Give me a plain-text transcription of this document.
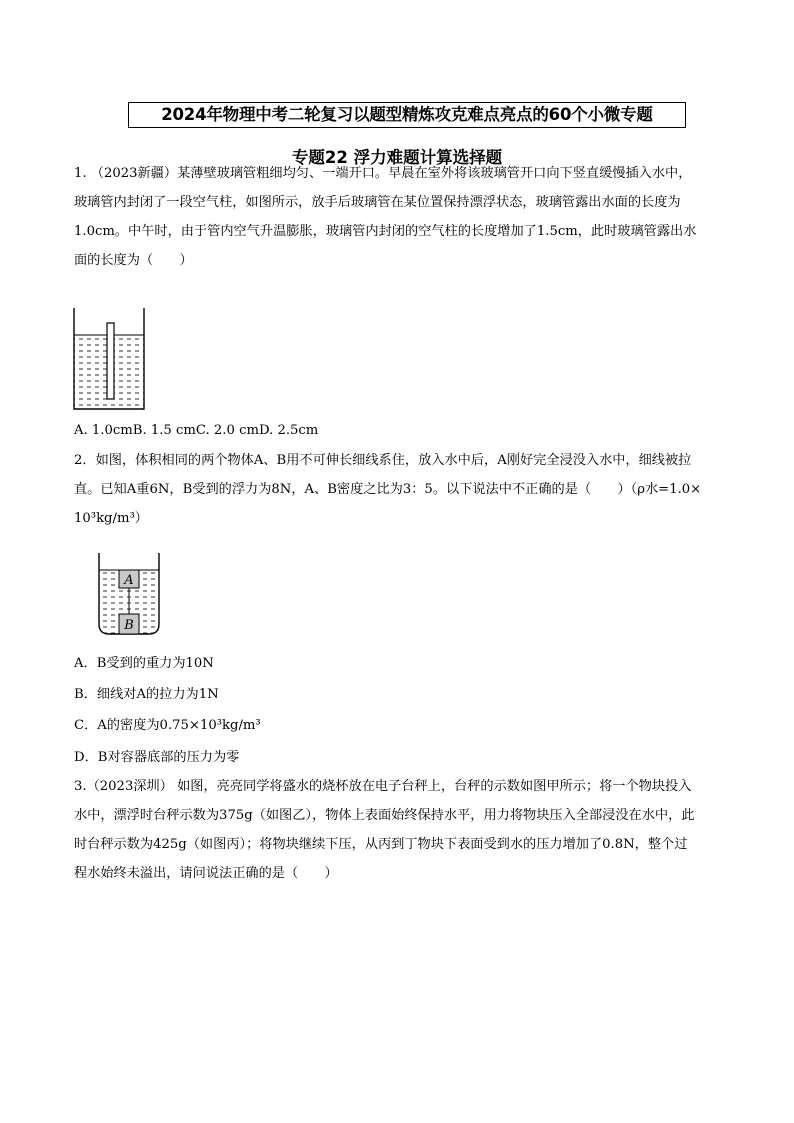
2024年物理中考二轮复习以题型精炼攻克难点亮点的60个小微专题
专题22 浮力难题计算选择题

1. （2023新疆）某薄壁玻璃管粗细均匀、一端开口。早晨在室外将该玻璃管开口向下竖直缓慢插入水中，

玻璃管内封闭了一段空气柱，如图所示，放手后玻璃管在某位置保持漂浮状态，玻璃管露出水面的长度为

1.0cm。中午时，由于管内空气升温膨胀，玻璃管内封闭的空气柱的长度增加了1.5cm，此时玻璃管露出水

面的长度为（　　）

A. 1.0cmB. 1.5 cmC. 2.0 cmD. 2.5cm

2．如图，体积相同的两个物体A、B用不可伸长细线系住，放入水中后，A刚好完全浸没入水中，细线被拉

直。已知A重6N，B受到的浮力为8N，A、B密度之比为3：5。以下说法中不正确的是（　　）（ρ水=1.0×

10³kg/m³）

A
B
A．B受到的重力为10N
B．细线对A的拉力为1N
C．A的密度为0.75×10³kg/m³
D．B对容器底部的压力为零

3.（2023深圳） 如图，亮亮同学将盛水的烧杯放在电子台秤上，台秤的示数如图甲所示；将一个物块投入

水中，漂浮时台秤示数为375g（如图乙），物体上表面始终保持水平，用力将物块压入全部浸没在水中，此

时台秤示数为425g（如图丙）；将物块继续下压，从丙到丁物块下表面受到水的压力增加了0.8N，整个过

程水始终未溢出，请问说法正确的是（　　）
